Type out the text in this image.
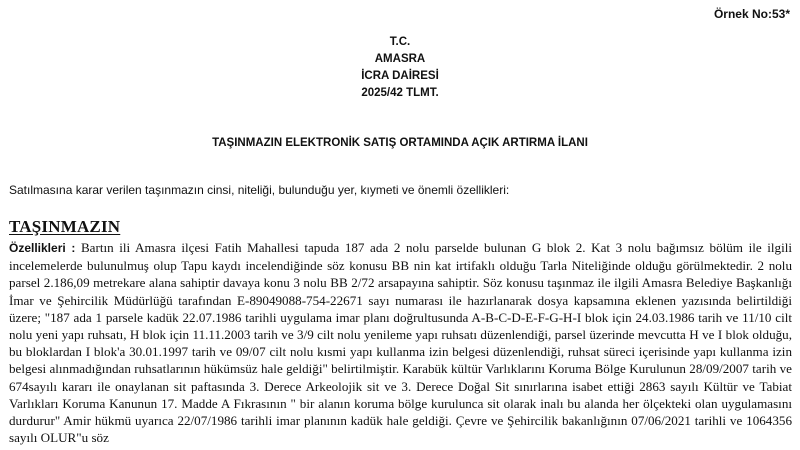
Örnek No:53*
T.C.
AMASRA
İCRA DAİRESİ
2025/42 TLMT.
TAŞINMAZIN ELEKTRONİK SATIŞ ORTAMINDA AÇIK ARTIRMA İLANI
Satılmasına karar verilen taşınmazın cinsi, niteliği, bulunduğu yer, kıymeti ve önemli özellikleri:
TAŞINMAZIN

Özellikleri : Bartın ili Amasra ilçesi Fatih Mahallesi tapuda 187 ada 2 nolu parselde bulunan G blok 2. Kat 3 nolu bağımsız bölüm ile ilgili incelemelerde bulunulmuş olup Tapu kaydı incelendiğinde söz konusu BB nin kat irtifaklı olduğu Tarla Niteliğinde olduğu görülmektedir. 2 nolu parsel 2.186,09 metrekare alana sahiptir davaya konu 3 nolu BB 2/72 arsapayına sahiptir. Söz konusu taşınmaz ile ilgili Amasra Belediye Başkanlığı İmar ve Şehircilik Müdürlüğü tarafından E-89049088-754-22671 sayı numarası ile hazırlanarak dosya kapsamına eklenen yazısında belirtildiği üzere; "187 ada 1 parsele kadük 22.07.1986 tarihli uygulama imar planı doğrultusunda A-B-C-D-E-F-G-H-I blok için 24.03.1986 tarih ve 11/10 cilt nolu yeni yapı ruhsatı, H blok için 11.11.2003 tarih ve 3/9 cilt nolu yenileme yapı ruhsatı düzenlendiği, parsel üzerinde mevcutta H ve I blok olduğu, bu bloklardan I blok'a 30.01.1997 tarih ve 09/07 cilt nolu kısmi yapı kullanma izin belgesi düzenlendiği, ruhsat süreci içerisinde yapı kullanma izin belgesi alınmadığından ruhsatlarının hükümsüz hale geldiği" belirtilmiştir. Karabük kültür Varlıklarını Koruma Bölge Kurulunun 28/09/2007 tarih ve 674sayılı kararı ile onaylanan sit paftasında 3. Derece Arkeolojik sit ve 3. Derece Doğal Sit sınırlarına isabet ettiği 2863 sayılı Kültür ve Tabiat Varlıkları Koruma Kanunun 17. Madde A Fıkrasının " bir alanın koruma bölge kurulunca sit olarak inalı bu alanda her ölçekteki olan uygulamasını durdurur" Amir hükmü uyarıca 22/07/1986 tarihli imar planının kadük hale geldiği. Çevre ve Şehircilik bakanlığının 07/06/2021 tarihli ve 1064356 sayılı OLUR"u söz
